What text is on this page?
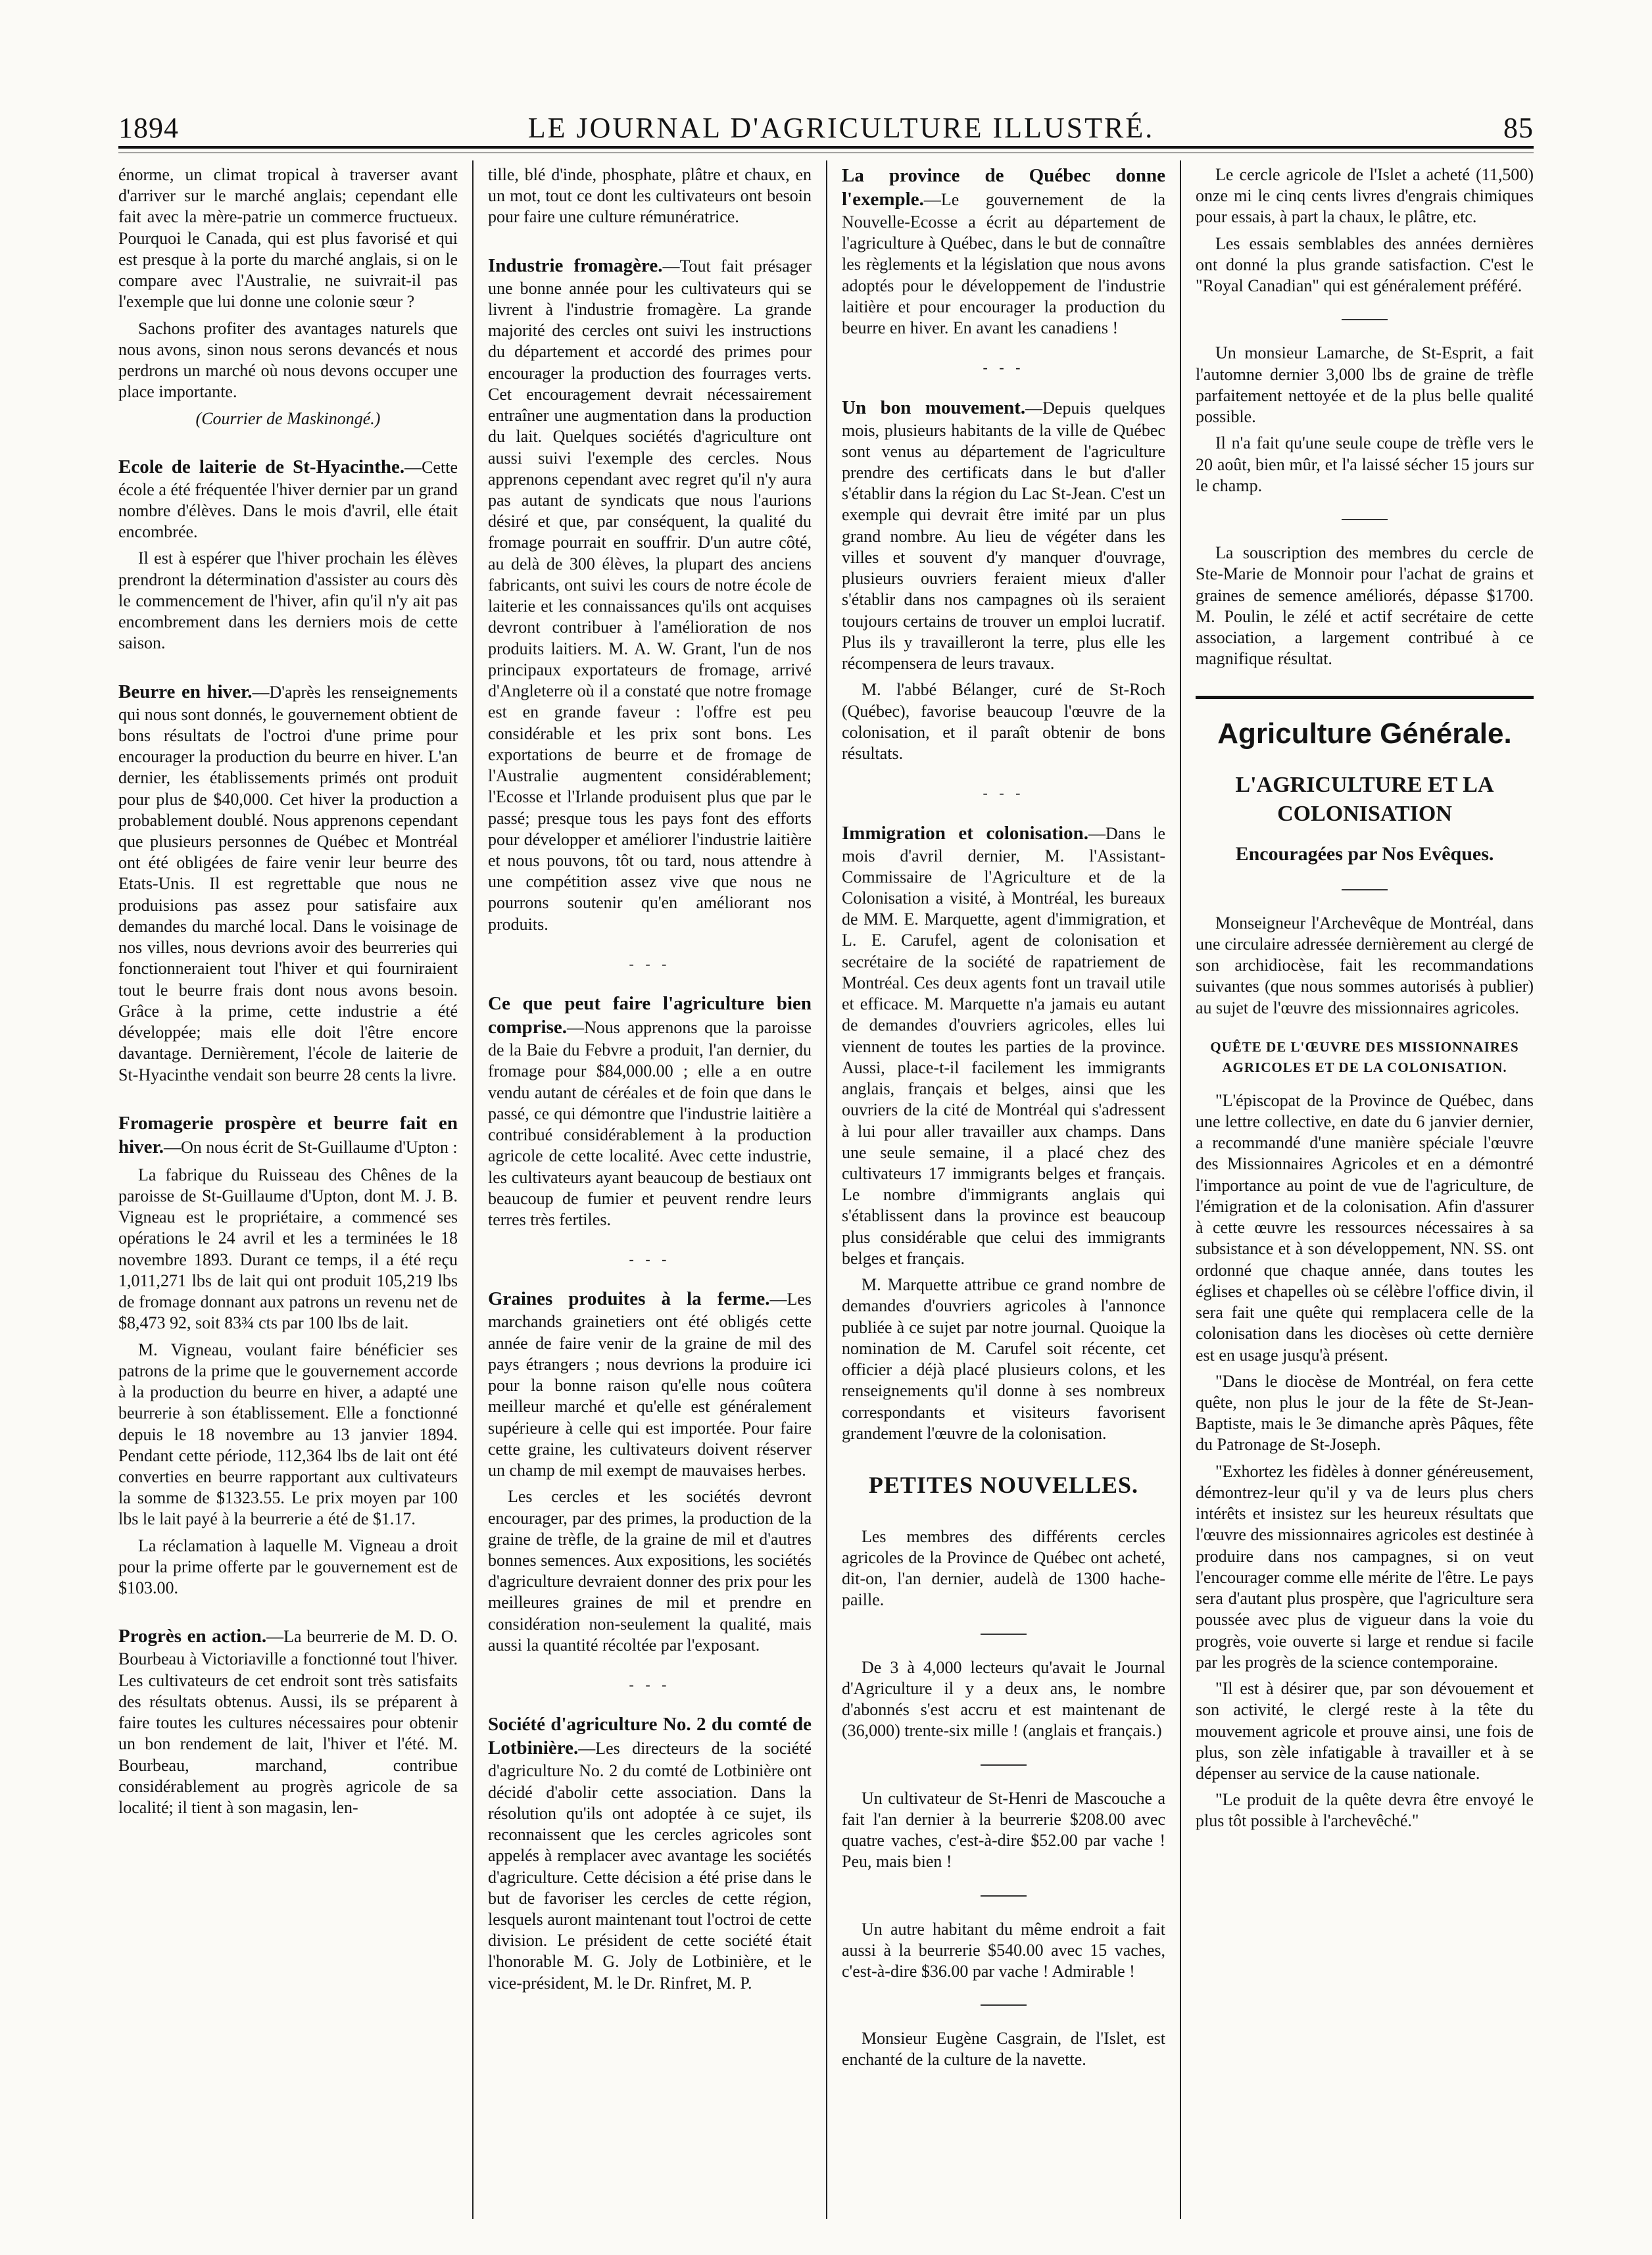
1894	LE JOURNAL D'AGRICULTURE ILLUSTRÉ.	85

énorme, un climat tropical à traverser avant d'arriver sur le marché anglais; cependant elle fait avec la mère-patrie un commerce fructueux. Pourquoi le Canada, qui est plus favorisé et qui est presque à la porte du marché anglais, si on le compare avec l'Australie, ne suivrait-il pas l'exemple que lui donne une colonie sœur ?

Sachons profiter des avantages naturels que nous avons, sinon nous serons devancés et nous perdrons un marché où nous devons occuper une place importante.

(Courrier de Maskinongé.)

Ecole de laiterie de St-Hyacinthe.—Cette école a été fréquentée l'hiver dernier par un grand nombre d'élèves. Dans le mois d'avril, elle était encombrée.

Il est à espérer que l'hiver prochain les élèves prendront la détermination d'assister au cours dès le commencement de l'hiver, afin qu'il n'y ait pas encombrement dans les derniers mois de cette saison.

Beurre en hiver.—D'après les renseignements qui nous sont donnés, le gouvernement obtient de bons résultats de l'octroi d'une prime pour encourager la production du beurre en hiver. L'an dernier, les établissements primés ont produit pour plus de $40,000. Cet hiver la production a probablement doublé. Nous apprenons cependant que plusieurs personnes de Québec et Montréal ont été obligées de faire venir leur beurre des Etats-Unis. Il est regrettable que nous ne produisions pas assez pour satisfaire aux demandes du marché local. Dans le voisinage de nos villes, nous devrions avoir des beurreries qui fonctionneraient tout l'hiver et qui fourniraient tout le beurre frais dont nous avons besoin. Grâce à la prime, cette industrie a été développée; mais elle doit l'être encore davantage. Dernièrement, l'école de laiterie de St-Hyacinthe vendait son beurre 28 cents la livre.

Fromagerie prospère et beurre fait en hiver.—On nous écrit de St-Guillaume d'Upton :

La fabrique du Ruisseau des Chênes de la paroisse de St-Guillaume d'Upton, dont M. J. B. Vigneau est le propriétaire, a commencé ses opérations le 24 avril et les a terminées le 18 novembre 1893. Durant ce temps, il a été reçu 1,011,271 lbs de lait qui ont produit 105,219 lbs de fromage donnant aux patrons un revenu net de $8,473 92, soit 83¾ cts par 100 lbs de lait.

M. Vigneau, voulant faire bénéficier ses patrons de la prime que le gouvernement accorde à la production du beurre en hiver, a adapté une beurrerie à son établissement. Elle a fonctionné depuis le 18 novembre au 13 janvier 1894. Pendant cette période, 112,364 lbs de lait ont été converties en beurre rapportant aux cultivateurs la somme de $1323.55. Le prix moyen par 100 lbs le lait payé à la beurrerie a été de $1.17.

La réclamation à laquelle M. Vigneau a droit pour la prime offerte par le gouvernement est de $103.00.

Progrès en action.—La beurrerie de M. D. O. Bourbeau à Victoriaville a fonctionné tout l'hiver. Les cultivateurs de cet endroit sont très satisfaits des résultats obtenus. Aussi, ils se préparent à faire toutes les cultures nécessaires pour obtenir un bon rendement de lait, l'hiver et l'été. M. Bourbeau, marchand, contribue considérablement au progrès agricole de sa localité; il tient à son magasin, len-

tille, blé d'inde, phosphate, plâtre et chaux, en un mot, tout ce dont les cultivateurs ont besoin pour faire une culture rémunératrice.

Industrie fromagère.—Tout fait présager une bonne année pour les cultivateurs qui se livrent à l'industrie fromagère. La grande majorité des cercles ont suivi les instructions du département et accordé des primes pour encourager la production des fourrages verts. Cet encouragement devrait nécessairement entraîner une augmentation dans la production du lait. Quelques sociétés d'agriculture ont aussi suivi l'exemple des cercles. Nous apprenons cependant avec regret qu'il n'y aura pas autant de syndicats que nous l'aurions désiré et que, par conséquent, la qualité du fromage pourrait en souffrir. D'un autre côté, au delà de 300 élèves, la plupart des anciens fabricants, ont suivi les cours de notre école de laiterie et les connaissances qu'ils ont acquises devront contribuer à l'amélioration de nos produits laitiers. M. A. W. Grant, l'un de nos principaux exportateurs de fromage, arrivé d'Angleterre où il a constaté que notre fromage est en grande faveur : l'offre est peu considérable et les prix sont bons. Les exportations de beurre et de fromage de l'Australie augmentent considérablement; l'Ecosse et l'Irlande produisent plus que par le passé; presque tous les pays font des efforts pour développer et améliorer l'industrie laitière et nous pouvons, tôt ou tard, nous attendre à une compétition assez vive que nous ne pourrons soutenir qu'en améliorant nos produits.

- - -

Ce que peut faire l'agriculture bien comprise.—Nous apprenons que la paroisse de la Baie du Febvre a produit, l'an dernier, du fromage pour $84,000.00 ; elle a en outre vendu autant de céréales et de foin que dans le passé, ce qui démontre que l'industrie laitière a contribué considérablement à la production agricole de cette localité. Avec cette industrie, les cultivateurs ayant beaucoup de bestiaux ont beaucoup de fumier et peuvent rendre leurs terres très fertiles.

- - -

Graines produites à la ferme.—Les marchands grainetiers ont été obligés cette année de faire venir de la graine de mil des pays étrangers ; nous devrions la produire ici pour la bonne raison qu'elle nous coûtera meilleur marché et qu'elle est généralement supérieure à celle qui est importée. Pour faire cette graine, les cultivateurs doivent réserver un champ de mil exempt de mauvaises herbes.

Les cercles et les sociétés devront encourager, par des primes, la production de la graine de trèfle, de la graine de mil et d'autres bonnes semences. Aux expositions, les sociétés d'agriculture devraient donner des prix pour les meilleures graines de mil et prendre en considération non-seulement la qualité, mais aussi la quantité récoltée par l'exposant.

- - -

Société d'agriculture No. 2 du comté de Lotbinière.—Les directeurs de la société d'agriculture No. 2 du comté de Lotbinière ont décidé d'abolir cette association. Dans la résolution qu'ils ont adoptée à ce sujet, ils reconnaissent que les cercles agricoles sont appelés à remplacer avec avantage les sociétés d'agriculture. Cette décision a été prise dans le but de favoriser les cercles de cette région, lesquels auront maintenant tout l'octroi de cette division. Le président de cette société était l'honorable M. G. Joly de Lotbinière, et le vice-président, M. le Dr. Rinfret, M. P.

La province de Québec donne l'exemple.—Le gouvernement de la Nouvelle-Ecosse a écrit au département de l'agriculture à Québec, dans le but de connaître les règlements et la législation que nous avons adoptés pour le développement de l'industrie laitière et pour encourager la production du beurre en hiver. En avant les canadiens !

- - -

Un bon mouvement.—Depuis quelques mois, plusieurs habitants de la ville de Québec sont venus au département de l'agriculture prendre des certificats dans le but d'aller s'établir dans la région du Lac St-Jean. C'est un exemple qui devrait être imité par un plus grand nombre. Au lieu de végéter dans les villes et souvent d'y manquer d'ouvrage, plusieurs ouvriers feraient mieux d'aller s'établir dans nos campagnes où ils seraient toujours certains de trouver un emploi lucratif. Plus ils y travailleront la terre, plus elle les récompensera de leurs travaux.

M. l'abbé Bélanger, curé de St-Roch (Québec), favorise beaucoup l'œuvre de la colonisation, et il paraît obtenir de bons résultats.

- - -

Immigration et colonisation.—Dans le mois d'avril dernier, M. l'Assistant-Commissaire de l'Agriculture et de la Colonisation a visité, à Montréal, les bureaux de MM. E. Marquette, agent d'immigration, et L. E. Carufel, agent de colonisation et secrétaire de la société de rapatriement de Montréal. Ces deux agents font un travail utile et efficace. M. Marquette n'a jamais eu autant de demandes d'ouvriers agricoles, elles lui viennent de toutes les parties de la province. Aussi, place-t-il facilement les immigrants anglais, français et belges, ainsi que les ouvriers de la cité de Montréal qui s'adressent à lui pour aller travailler aux champs. Dans une seule semaine, il a placé chez des cultivateurs 17 immigrants belges et français. Le nombre d'immigrants anglais qui s'établissent dans la province est beaucoup plus considérable que celui des immigrants belges et français.

M. Marquette attribue ce grand nombre de demandes d'ouvriers agricoles à l'annonce publiée à ce sujet par notre journal. Quoique la nomination de M. Carufel soit récente, cet officier a déjà placé plusieurs colons, et les renseignements qu'il donne à ses nombreux correspondants et visiteurs favorisent grandement l'œuvre de la colonisation.

PETITES NOUVELLES.

Les membres des différents cercles agricoles de la Province de Québec ont acheté, dit-on, l'an dernier, audelà de 1300 hache-paille.

De 3 à 4,000 lecteurs qu'avait le Journal d'Agriculture il y a deux ans, le nombre d'abonnés s'est accru et est maintenant de (36,000) trente-six mille ! (anglais et français.)

Un cultivateur de St-Henri de Mascouche a fait l'an dernier à la beurrerie $208.00 avec quatre vaches, c'est-à-dire $52.00 par vache ! Peu, mais bien !

Un autre habitant du même endroit a fait aussi à la beurrerie $540.00 avec 15 vaches, c'est-à-dire $36.00 par vache ! Admirable !

Monsieur Eugène Casgrain, de l'Islet, est enchanté de la culture de la navette.

Le cercle agricole de l'Islet a acheté (11,500) onze mi le cinq cents livres d'engrais chimiques pour essais, à part la chaux, le plâtre, etc.

Les essais semblables des années dernières ont donné la plus grande satisfaction. C'est le "Royal Canadian" qui est généralement préféré.

Un monsieur Lamarche, de St-Esprit, a fait l'automne dernier 3,000 lbs de graine de trèfle parfaitement nettoyée et de la plus belle qualité possible.

Il n'a fait qu'une seule coupe de trèfle vers le 20 août, bien mûr, et l'a laissé sécher 15 jours sur le champ.

La souscription des membres du cercle de Ste-Marie de Monnoir pour l'achat de grains et graines de semence améliorés, dépasse $1700. M. Poulin, le zélé et actif secrétaire de cette association, a largement contribué à ce magnifique résultat.

Agriculture Générale.
L'AGRICULTURE ET LA COLONISATION
Encouragées par Nos Evêques.

Monseigneur l'Archevêque de Montréal, dans une circulaire adressée dernièrement au clergé de son archidiocèse, fait les recommandations suivantes (que nous sommes autorisés à publier) au sujet de l'œuvre des missionnaires agricoles.

QUÊTE DE L'ŒUVRE DES MISSIONNAIRES AGRICOLES ET DE LA COLONISATION.

"L'épiscopat de la Province de Québec, dans une lettre collective, en date du 6 janvier dernier, a recommandé d'une manière spéciale l'œuvre des Missionnaires Agricoles et en a démontré l'importance au point de vue de l'agriculture, de l'émigration et de la colonisation. Afin d'assurer à cette œuvre les ressources nécessaires à sa subsistance et à son développement, NN. SS. ont ordonné que chaque année, dans toutes les églises et chapelles où se célèbre l'office divin, il sera fait une quête qui remplacera celle de la colonisation dans les diocèses où cette dernière est en usage jusqu'à présent.

"Dans le diocèse de Montréal, on fera cette quête, non plus le jour de la fête de St-Jean-Baptiste, mais le 3e dimanche après Pâques, fête du Patronage de St-Joseph.

"Exhortez les fidèles à donner généreusement, démontrez-leur qu'il y va de leurs plus chers intérêts et insistez sur les heureux résultats que l'œuvre des missionnaires agricoles est destinée à produire dans nos campagnes, si on veut l'encourager comme elle mérite de l'être. Le pays sera d'autant plus prospère, que l'agriculture sera poussée avec plus de vigueur dans la voie du progrès, voie ouverte si large et rendue si facile par les progrès de la science contemporaine.

"Il est à désirer que, par son dévouement et son activité, le clergé reste à la tête du mouvement agricole et prouve ainsi, une fois de plus, son zèle infatigable à travailler et à se dépenser au service de la cause nationale.

"Le produit de la quête devra être envoyé le plus tôt possible à l'archevêché."
